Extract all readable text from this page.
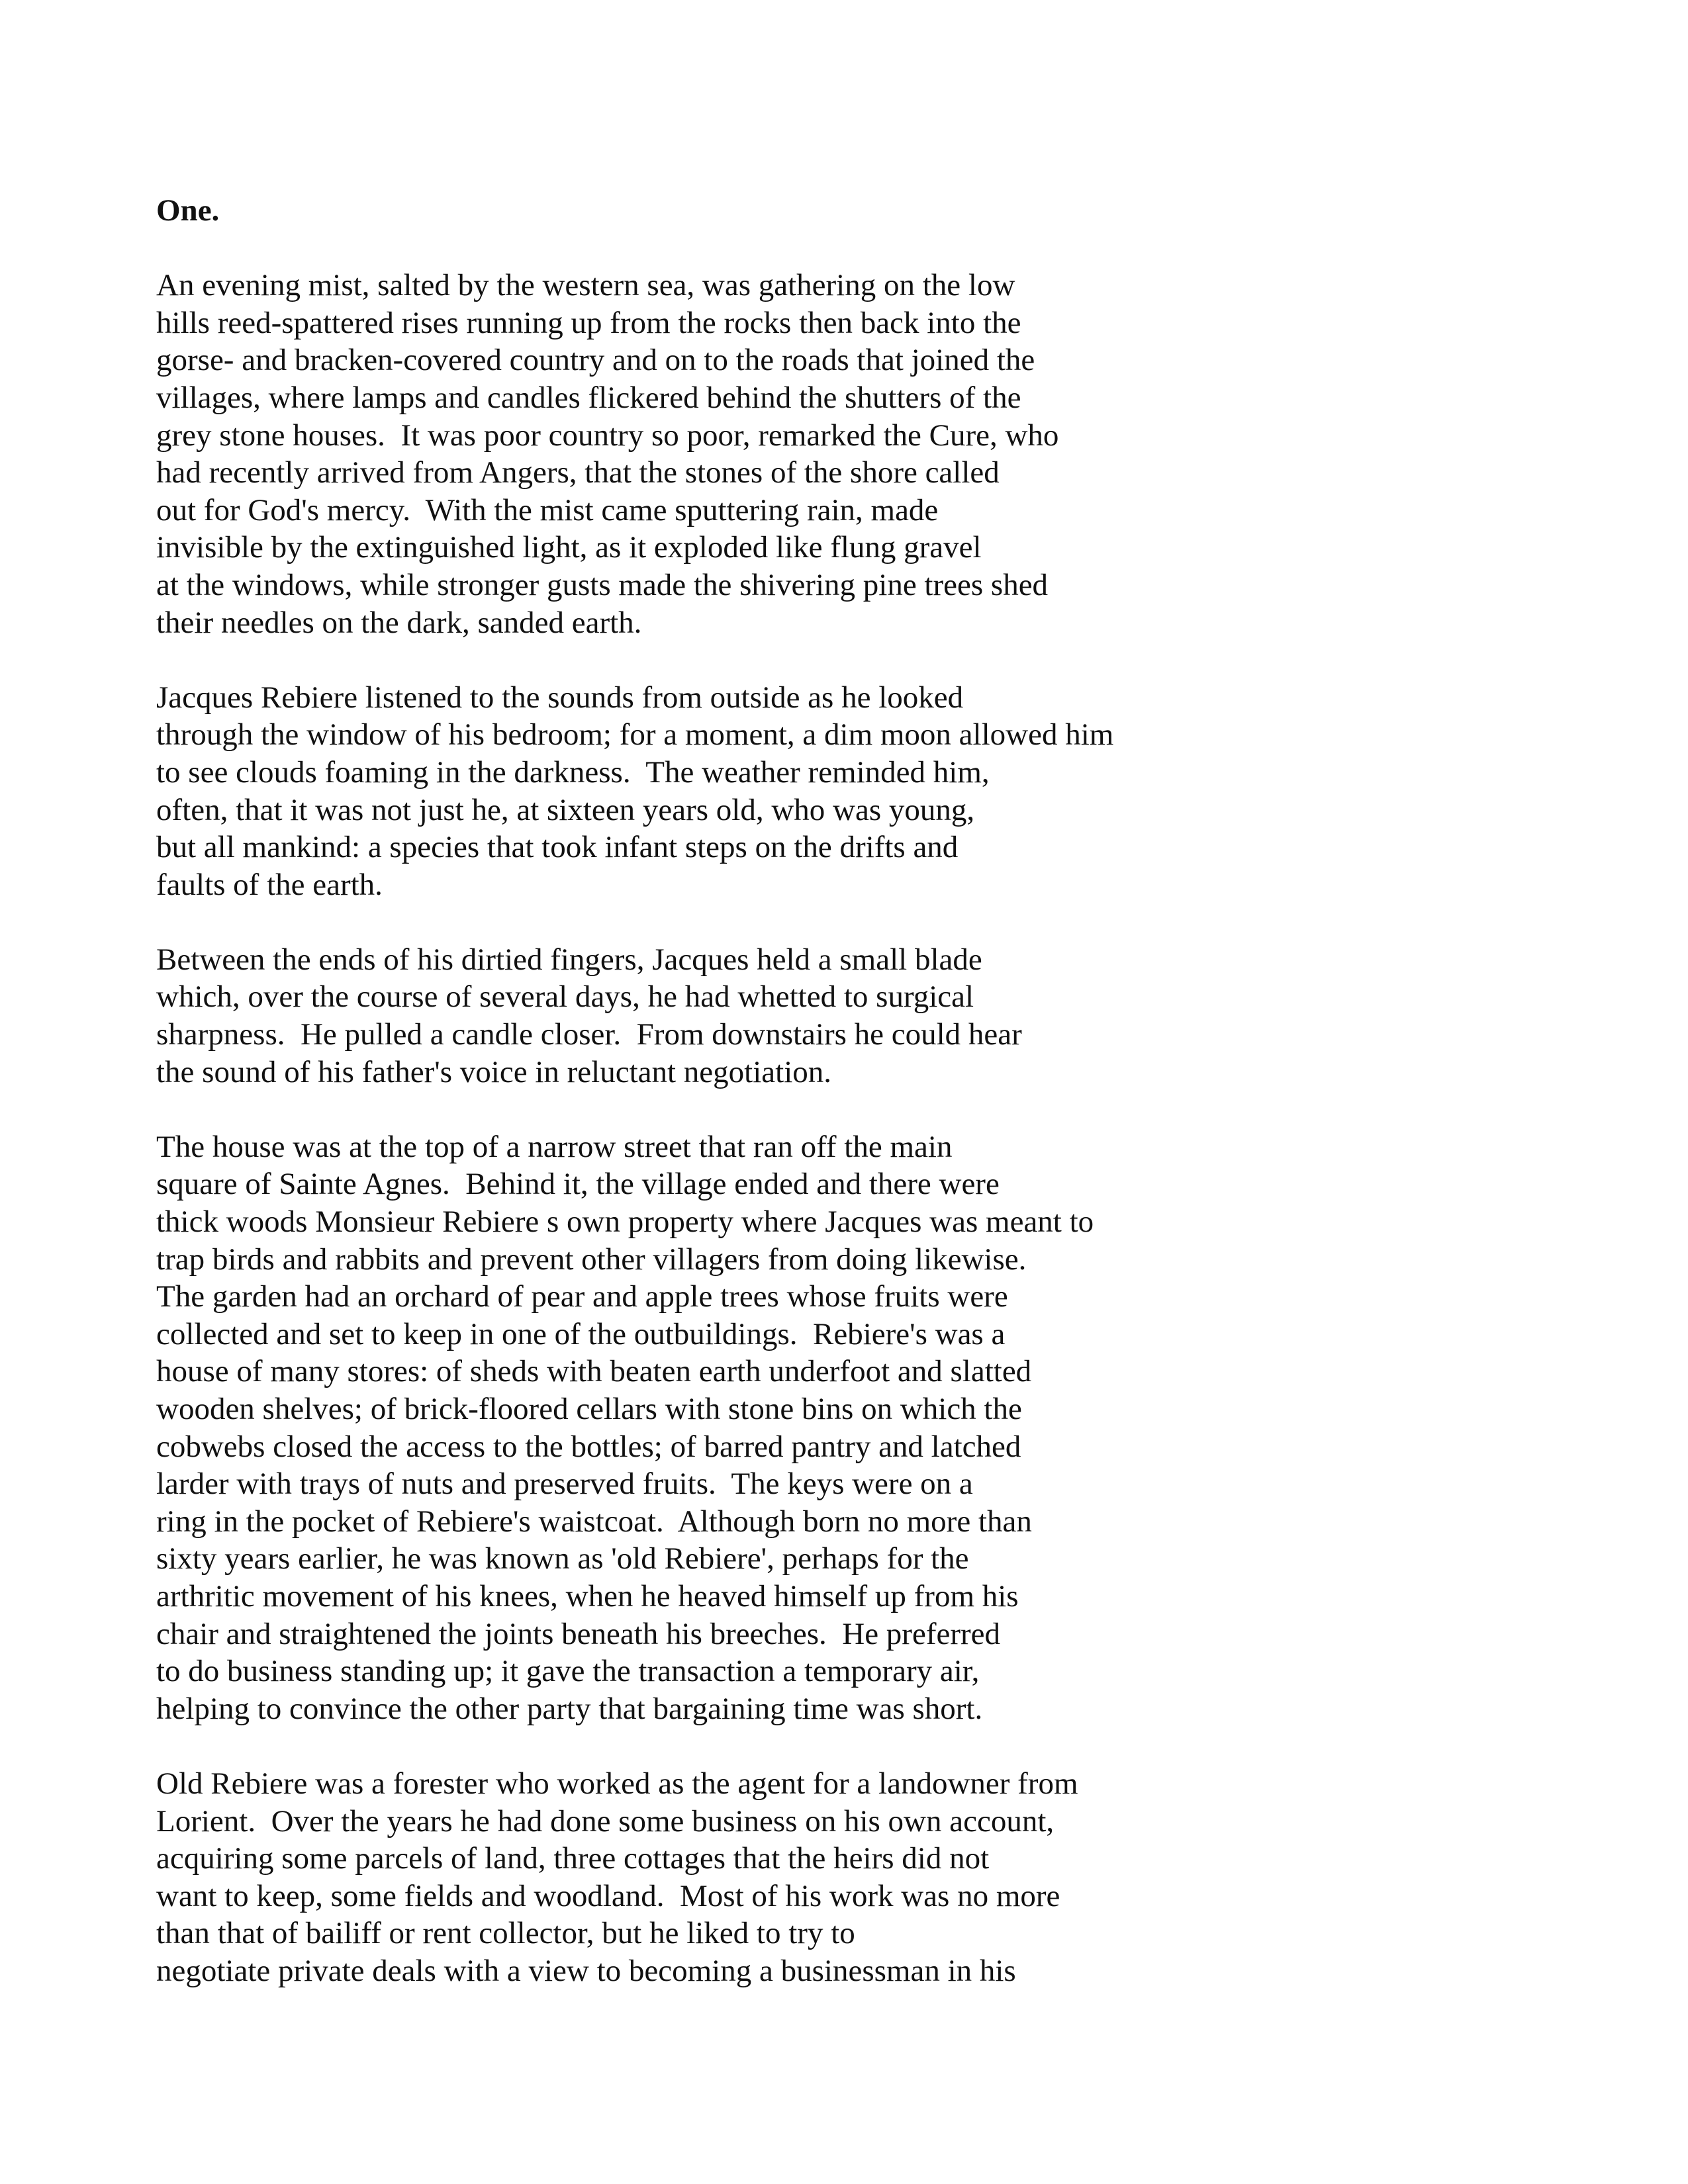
One.
An evening mist, salted by the western sea, was gathering on the low
hills reed-spattered rises running up from the rocks then back into the
gorse- and bracken-covered country and on to the roads that joined the
villages, where lamps and candles flickered behind the shutters of the
grey stone houses.  It was poor country so poor, remarked the Cure, who
had recently arrived from Angers, that the stones of the shore called
out for God's mercy.  With the mist came sputtering rain, made
invisible by the extinguished light, as it exploded like flung gravel
at the windows, while stronger gusts made the shivering pine trees shed
their needles on the dark, sanded earth.
Jacques Rebiere listened to the sounds from outside as he looked
through the window of his bedroom; for a moment, a dim moon allowed him
to see clouds foaming in the darkness.  The weather reminded him,
often, that it was not just he, at sixteen years old, who was young,
but all mankind: a species that took infant steps on the drifts and
faults of the earth.
Between the ends of his dirtied fingers, Jacques held a small blade
which, over the course of several days, he had whetted to surgical
sharpness.  He pulled a candle closer.  From downstairs he could hear
the sound of his father's voice in reluctant negotiation.
The house was at the top of a narrow street that ran off the main
square of Sainte Agnes.  Behind it, the village ended and there were
thick woods Monsieur Rebiere s own property where Jacques was meant to
trap birds and rabbits and prevent other villagers from doing likewise.
The garden had an orchard of pear and apple trees whose fruits were
collected and set to keep in one of the outbuildings.  Rebiere's was a
house of many stores: of sheds with beaten earth underfoot and slatted
wooden shelves; of brick-floored cellars with stone bins on which the
cobwebs closed the access to the bottles; of barred pantry and latched
larder with trays of nuts and preserved fruits.  The keys were on a
ring in the pocket of Rebiere's waistcoat.  Although born no more than
sixty years earlier, he was known as 'old Rebiere', perhaps for the
arthritic movement of his knees, when he heaved himself up from his
chair and straightened the joints beneath his breeches.  He preferred
to do business standing up; it gave the transaction a temporary air,
helping to convince the other party that bargaining time was short.
Old Rebiere was a forester who worked as the agent for a landowner from
Lorient.  Over the years he had done some business on his own account,
acquiring some parcels of land, three cottages that the heirs did not
want to keep, some fields and woodland.  Most of his work was no more
than that of bailiff or rent collector, but he liked to try to
negotiate private deals with a view to becoming a businessman in his
